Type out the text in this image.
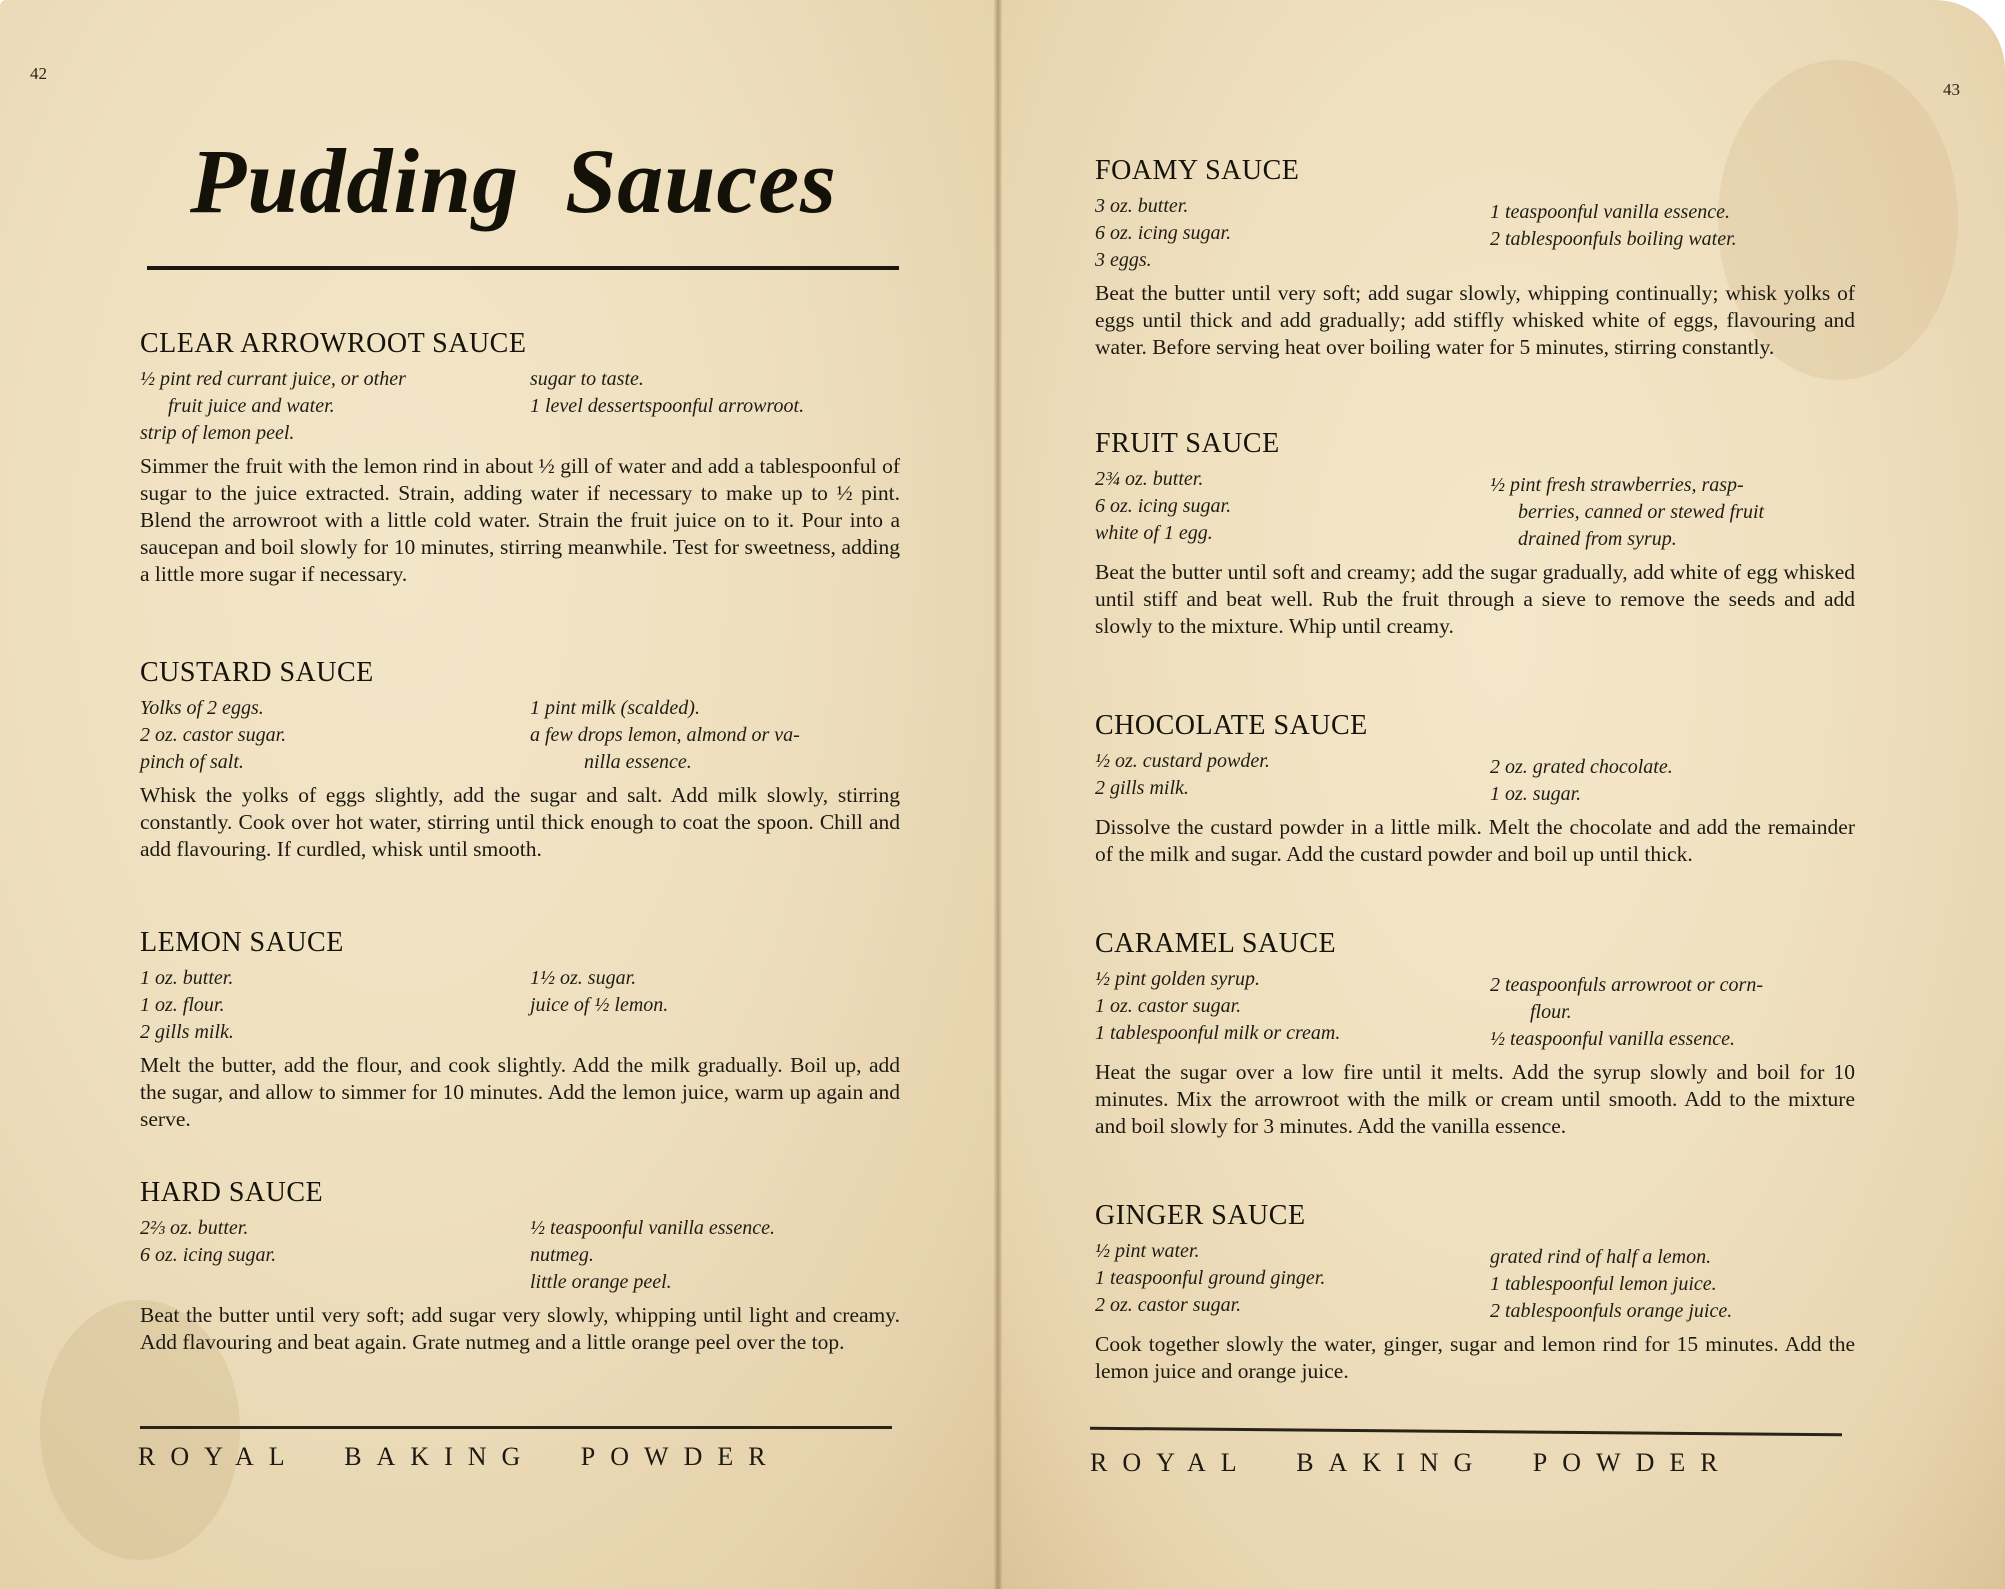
42
Pudding Sauces
CLEAR ARROWROOT SAUCE
½ pint red currant juice, or other
fruit juice and water.
strip of lemon peel.
sugar to taste.
1 level dessertspoonful arrowroot.
Simmer the fruit with the lemon rind in about ½ gill of water and add a tablespoonful of sugar to the juice extracted. Strain, adding water if necessary to make up to ½ pint. Blend the arrowroot with a little cold water. Strain the fruit juice on to it. Pour into a saucepan and boil slowly for 10 minutes, stirring meanwhile. Test for sweetness, adding a little more sugar if necessary.
CUSTARD SAUCE
Yolks of 2 eggs.
2 oz. castor sugar.
pinch of salt.
1 pint milk (scalded).
a few drops lemon, almond or va-
nilla essence.
Whisk the yolks of eggs slightly, add the sugar and salt. Add milk slowly, stirring constantly. Cook over hot water, stirring until thick enough to coat the spoon. Chill and add flavouring. If curdled, whisk until smooth.
LEMON SAUCE
1 oz. butter.
1 oz. flour.
2 gills milk.
1½ oz. sugar.
juice of ½ lemon.
Melt the butter, add the flour, and cook slightly. Add the milk gradually. Boil up, add the sugar, and allow to simmer for 10 minutes. Add the lemon juice, warm up again and serve.
HARD SAUCE
2⅔ oz. butter.
6 oz. icing sugar.
½ teaspoonful vanilla essence.
nutmeg.
little orange peel.
Beat the butter until very soft; add sugar very slowly, whipping until light and creamy. Add flavouring and beat again. Grate nutmeg and a little orange peel over the top.
ROYAL BAKING POWDER
43
FOAMY SAUCE
3 oz. butter.
6 oz. icing sugar.
3 eggs.
1 teaspoonful vanilla essence.
2 tablespoonfuls boiling water.
Beat the butter until very soft; add sugar slowly, whipping continually; whisk yolks of eggs until thick and add gradually; add stiffly whisked white of eggs, flavouring and water. Before serving heat over boiling water for 5 minutes, stirring constantly.
FRUIT SAUCE
2¾ oz. butter.
6 oz. icing sugar.
white of 1 egg.
½ pint fresh strawberries, rasp-
berries, canned or stewed fruit
drained from syrup.
Beat the butter until soft and creamy; add the sugar gradually, add white of egg whisked until stiff and beat well. Rub the fruit through a sieve to remove the seeds and add slowly to the mixture. Whip until creamy.
CHOCOLATE SAUCE
½ oz. custard powder.
2 gills milk.
2 oz. grated chocolate.
1 oz. sugar.
Dissolve the custard powder in a little milk. Melt the chocolate and add the remainder of the milk and sugar. Add the custard powder and boil up until thick.
CARAMEL SAUCE
½ pint golden syrup.
1 oz. castor sugar.
1 tablespoonful milk or cream.
2 teaspoonfuls arrowroot or corn-
flour.
½ teaspoonful vanilla essence.
Heat the sugar over a low fire until it melts. Add the syrup slowly and boil for 10 minutes. Mix the arrowroot with the milk or cream until smooth. Add to the mixture and boil slowly for 3 minutes. Add the vanilla essence.
GINGER SAUCE
½ pint water.
1 teaspoonful ground ginger.
2 oz. castor sugar.
grated rind of half a lemon.
1 tablespoonful lemon juice.
2 tablespoonfuls orange juice.
Cook together slowly the water, ginger, sugar and lemon rind for 15 minutes. Add the lemon juice and orange juice.
ROYAL BAKING POWDER
